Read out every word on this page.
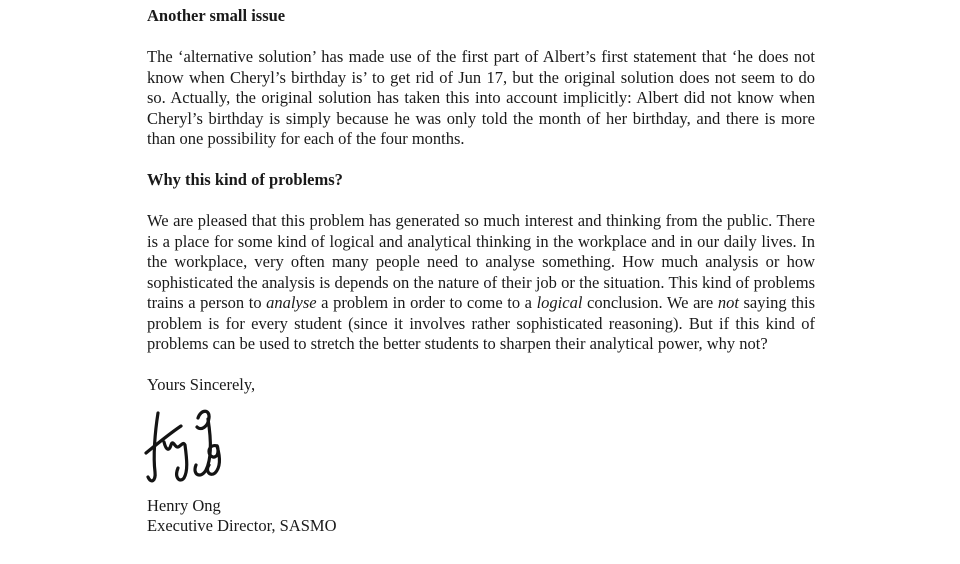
Another small issue

The ‘alternative solution’ has made use of the first part of Albert’s first statement that ‘he does not know when Cheryl’s birthday is’ to get rid of Jun 17, but the original solution does not seem to do so. Actually, the original solution has taken this into account implicitly: Albert did not know when Cheryl’s birthday is simply because he was only told the month of her birthday, and there is more than one possibility for each of the four months.

Why this kind of problems?

We are pleased that this problem has generated so much interest and thinking from the public. There is a place for some kind of logical and analytical thinking in the workplace and in our daily lives. In the workplace, very often many people need to analyse something. How much analysis or how sophisticated the analysis is depends on the nature of their job or the situation. This kind of problems trains a person to analyse a problem in order to come to a logical conclusion. We are not saying this problem is for every student (since it involves rather sophisticated reasoning). But if this kind of problems can be used to stretch the better students to sharpen their analytical power, why not?

Yours Sincerely,

Henry Ong

Executive Director, SASMO
